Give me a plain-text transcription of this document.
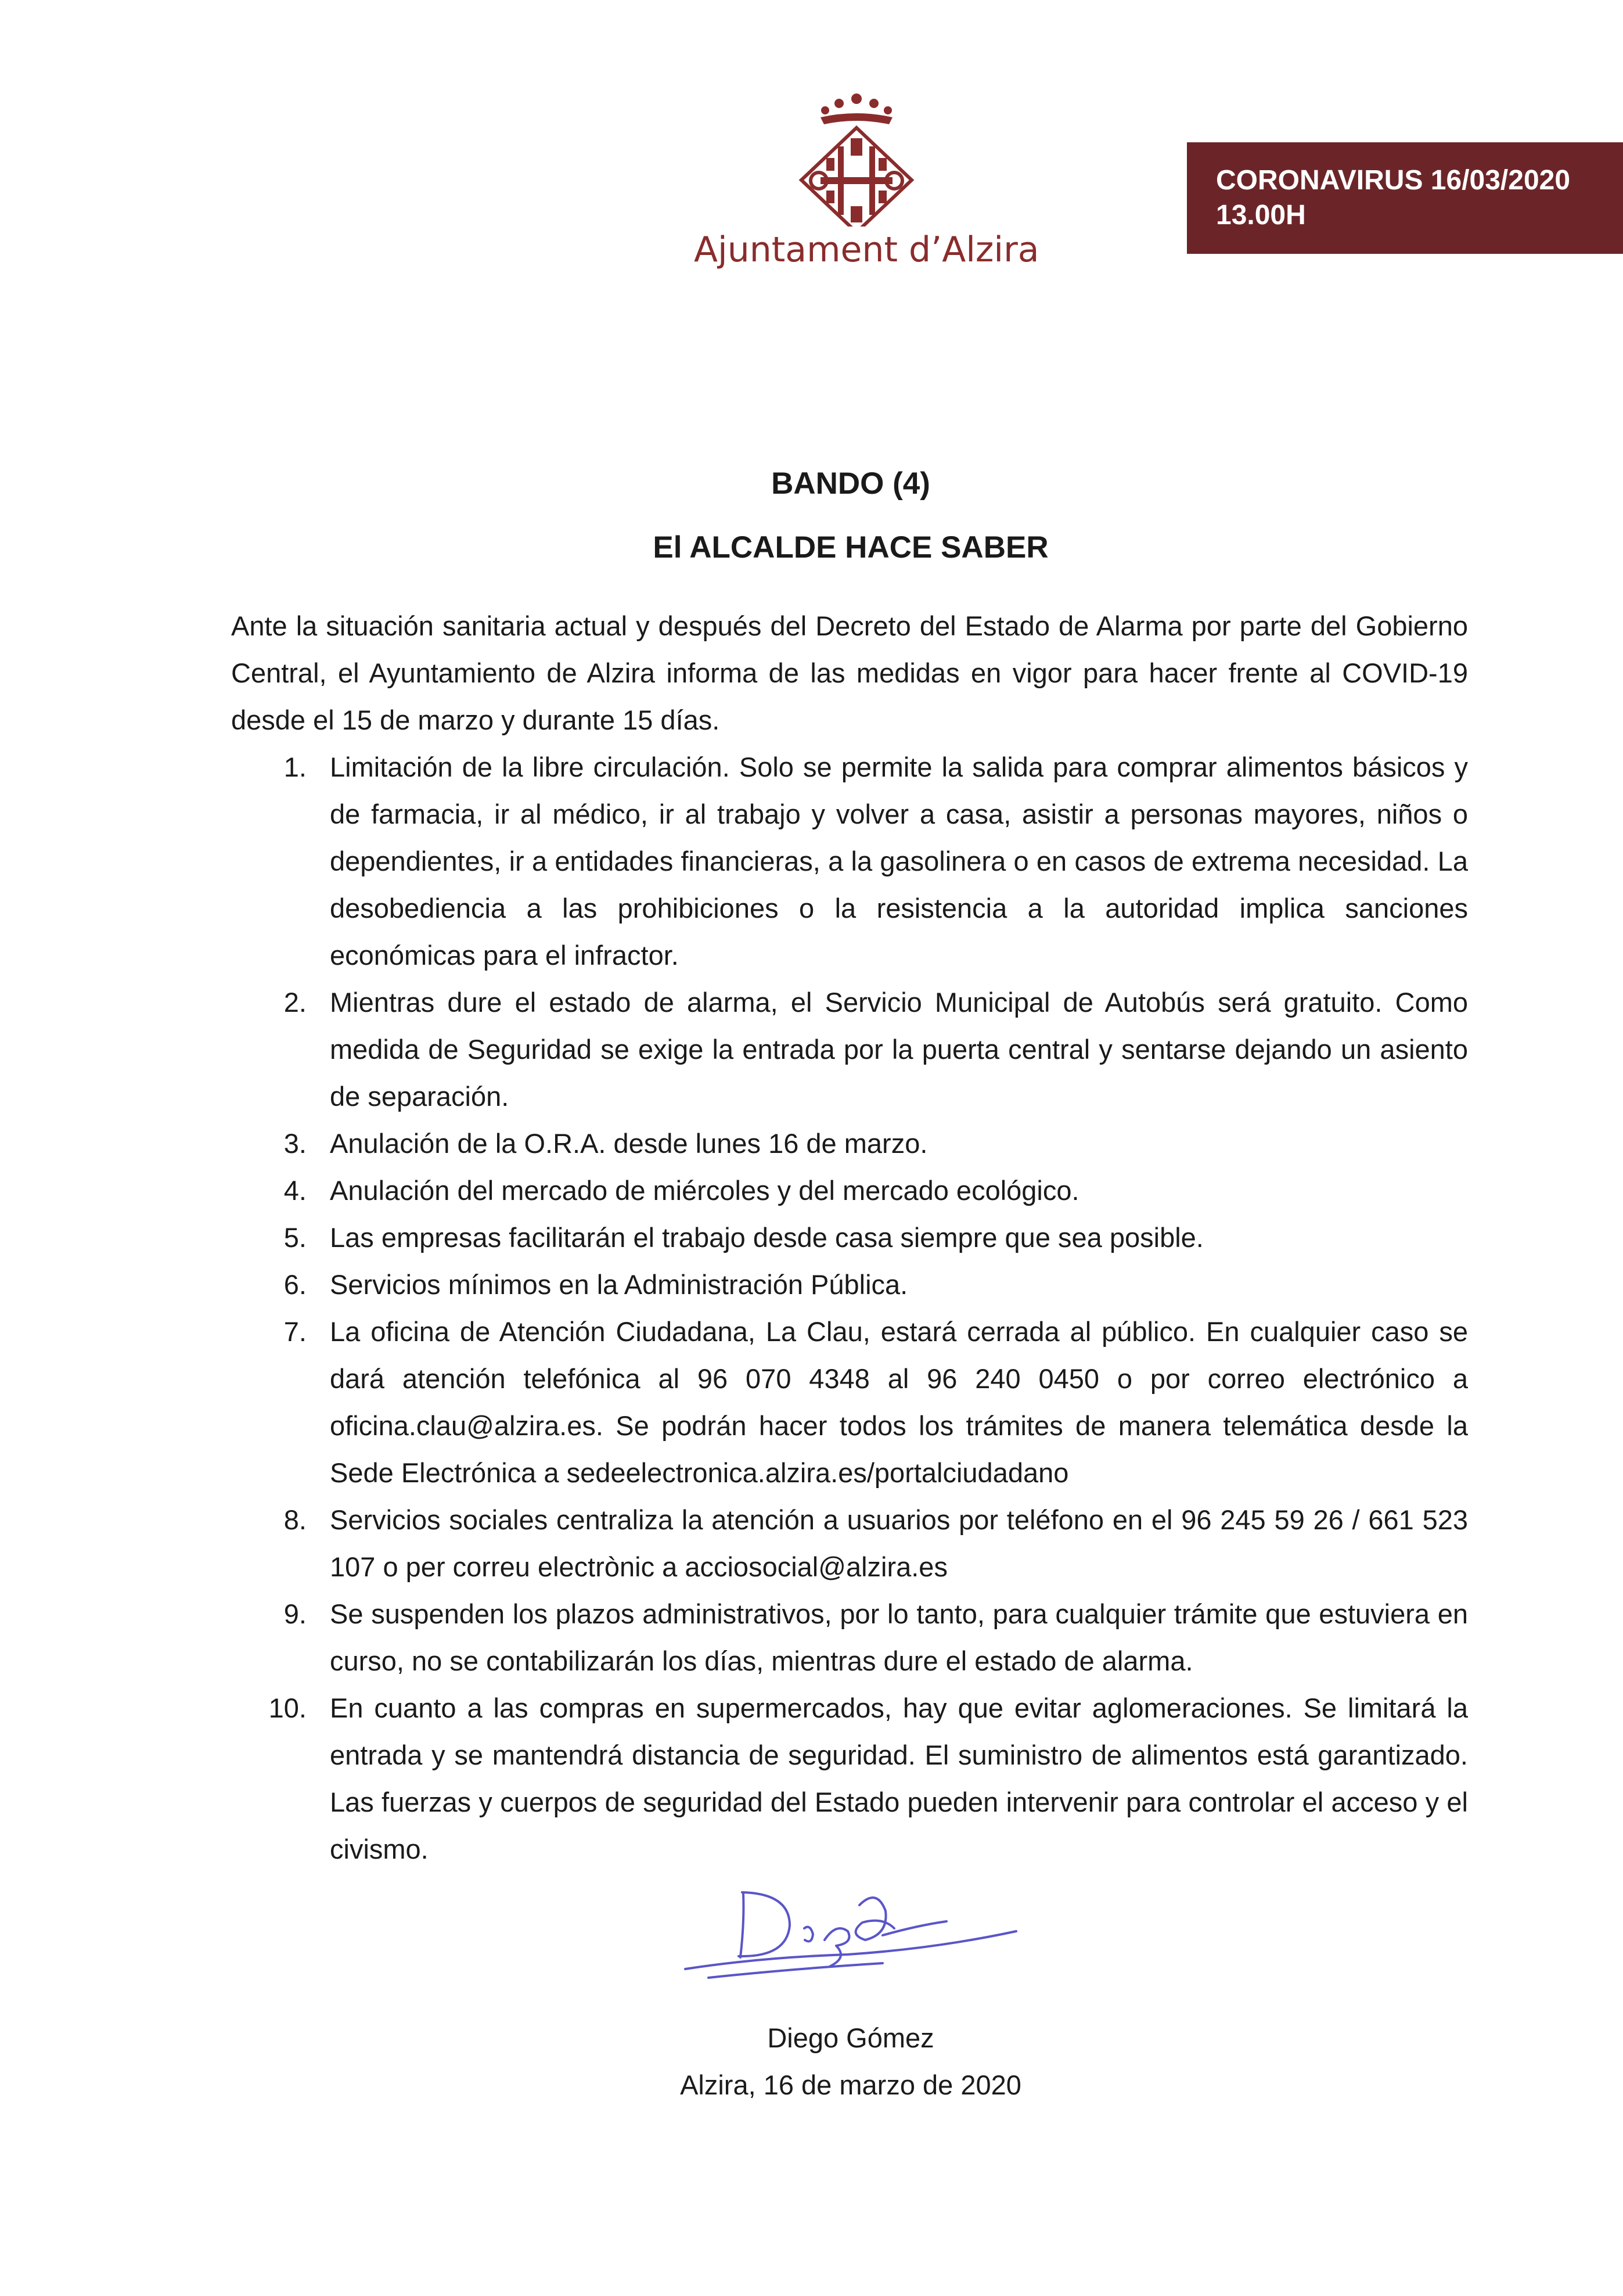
Ajuntament d’Alzira
CORONAVIRUS 16/03/2020
13.00H
BANDO (4)
El ALCALDE HACE SABER

Ante la situación sanitaria actual y después del Decreto del Estado de Alarma por parte del Gobierno Central, el Ayuntamiento de Alzira informa de las medidas en vigor para hacer frente al COVID-19 desde el 15 de marzo y durante 15 días.

1. Limitación de la libre circulación. Solo se permite la salida para comprar alimentos básicos y de farmacia, ir al médico, ir al trabajo y volver a casa, asistir a personas mayores, niños o dependientes, ir a entidades financieras, a la gasolinera o en casos de extrema necesidad. La desobediencia a las prohibiciones o la resistencia a la autoridad implica sanciones económicas para el infractor.
2. Mientras dure el estado de alarma, el Servicio Municipal de Autobús será gratuito. Como medida de Seguridad se exige la entrada por la puerta central y sentarse dejando un asiento de separación.
3. Anulación de la O.R.A. desde lunes 16 de marzo.
4. Anulación del mercado de miércoles y del mercado ecológico.
5. Las empresas facilitarán el trabajo desde casa siempre que sea posible.
6. Servicios mínimos en la Administración Pública.
7. La oficina de Atención Ciudadana, La Clau, estará cerrada al público. En cualquier caso se dará atención telefónica al 96 070 4348 al 96 240 0450 o por correo electrónico a oficina.clau@alzira.es. Se podrán hacer todos los trámites de manera telemática desde la Sede Electrónica a sedeelectronica.alzira.es/portalciudadano
8. Servicios sociales centraliza la atención a usuarios por teléfono en el 96 245 59 26 / 661 523 107 o per correu electrònic a acciosocial@alzira.es
9. Se suspenden los plazos administrativos, por lo tanto, para cualquier trámite que estuviera en curso, no se contabilizarán los días, mientras dure el estado de alarma.
10. En cuanto a las compras en supermercados, hay que evitar aglomeraciones. Se limitará la entrada y se mantendrá distancia de seguridad. El suministro de alimentos está garantizado. Las fuerzas y cuerpos de seguridad del Estado pueden intervenir para controlar el acceso y el civismo.
Diego Gómez
Alzira, 16 de marzo de 2020
